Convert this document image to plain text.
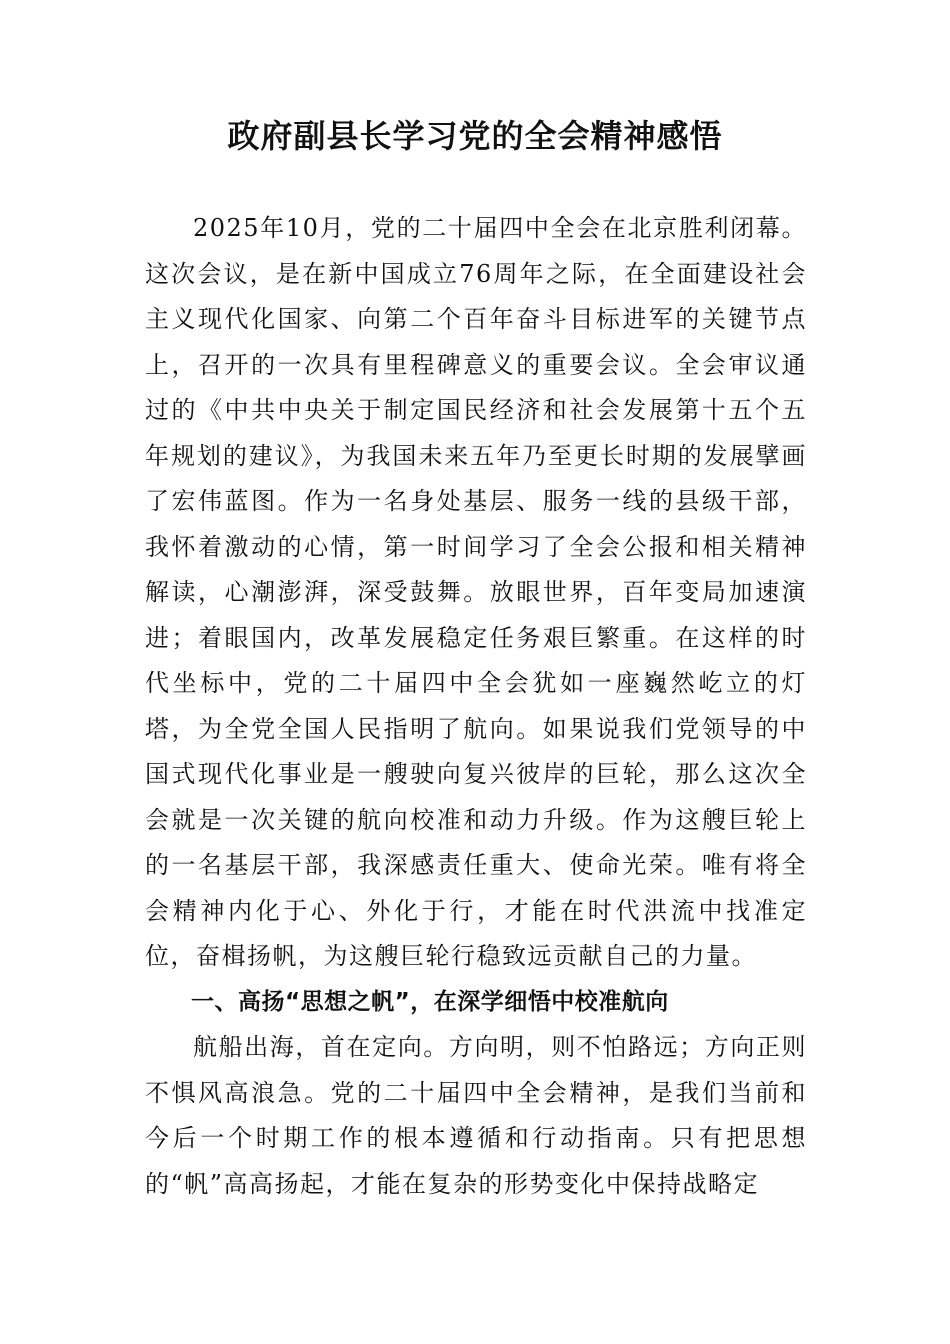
政府副县长学习党的全会精神感悟

2025年10月，党的二十届四中全会在北京胜利闭幕。这次会议，是在新中国成立76周年之际，在全面建设社会主义现代化国家、向第二个百年奋斗目标进军的关键节点上，召开的一次具有里程碑意义的重要会议。全会审议通过的《中共中央关于制定国民经济和社会发展第十五个五年规划的建议》，为我国未来五年乃至更长时期的发展擘画了宏伟蓝图。作为一名身处基层、服务一线的县级干部，我怀着激动的心情，第一时间学习了全会公报和相关精神解读，心潮澎湃，深受鼓舞。放眼世界，百年变局加速演进；着眼国内，改革发展稳定任务艰巨繁重。在这样的时代坐标中，党的二十届四中全会犹如一座巍然屹立的灯塔，为全党全国人民指明了航向。如果说我们党领导的中国式现代化事业是一艘驶向复兴彼岸的巨轮，那么这次全会就是一次关键的航向校准和动力升级。作为这艘巨轮上的一名基层干部，我深感责任重大、使命光荣。唯有将全会精神内化于心、外化于行，才能在时代洪流中找准定位，奋楫扬帆，为这艘巨轮行稳致远贡献自己的力量。

一、高扬“思想之帆”，在深学细悟中校准航向

航船出海，首在定向。方向明，则不怕路远；方向正则不惧风高浪急。党的二十届四中全会精神，是我们当前和今后一个时期工作的根本遵循和行动指南。只有把思想的“帆”高高扬起，才能在复杂的形势变化中保持战略定
